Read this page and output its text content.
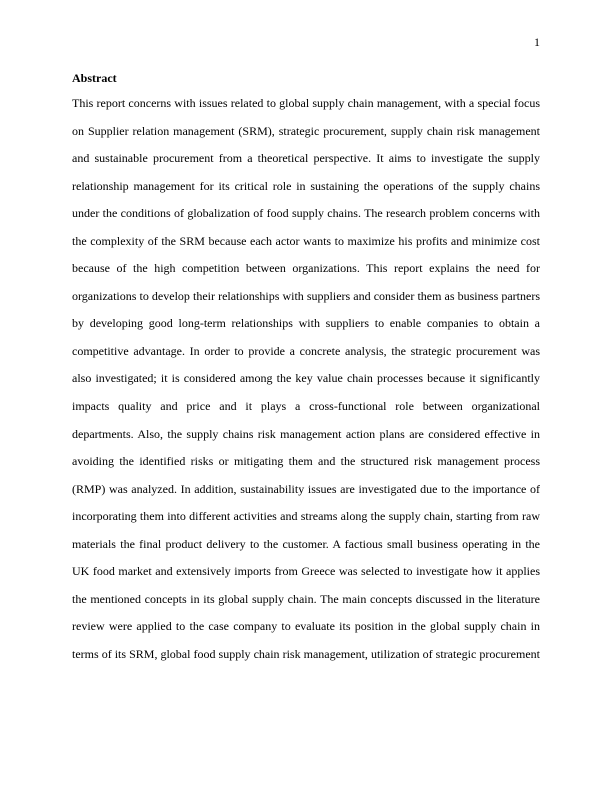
1
Abstract
This report concerns with issues related to global supply chain management, with a special focus
on Supplier relation management (SRM), strategic procurement, supply chain risk management
and sustainable procurement from a theoretical perspective. It aims to investigate the supply
relationship management for its critical role in sustaining the operations of the supply chains
under the conditions of globalization of food supply chains. The research problem concerns with
the complexity of the SRM because each actor wants to maximize his profits and minimize cost
because of the high competition between organizations. This report explains the need for
organizations to develop their relationships with suppliers and consider them as business partners
by developing good long-term relationships with suppliers to enable companies to obtain a
competitive advantage. In order to provide a concrete analysis, the strategic procurement was
also investigated; it is considered among the key value chain processes because it significantly
impacts quality and price and it plays a cross-functional role between organizational
departments. Also, the supply chains risk management action plans are considered effective in
avoiding the identified risks or mitigating them and the structured risk management process
(RMP) was analyzed. In addition, sustainability issues are investigated due to the importance of
incorporating them into different activities and streams along the supply chain, starting from raw
materials the final product delivery to the customer. A factious small business operating in the
UK food market and extensively imports from Greece was selected to investigate how it applies
the mentioned concepts in its global supply chain. The main concepts discussed in the literature
review were applied to the case company to evaluate its position in the global supply chain in
terms of its SRM, global food supply chain risk management, utilization of strategic procurement
